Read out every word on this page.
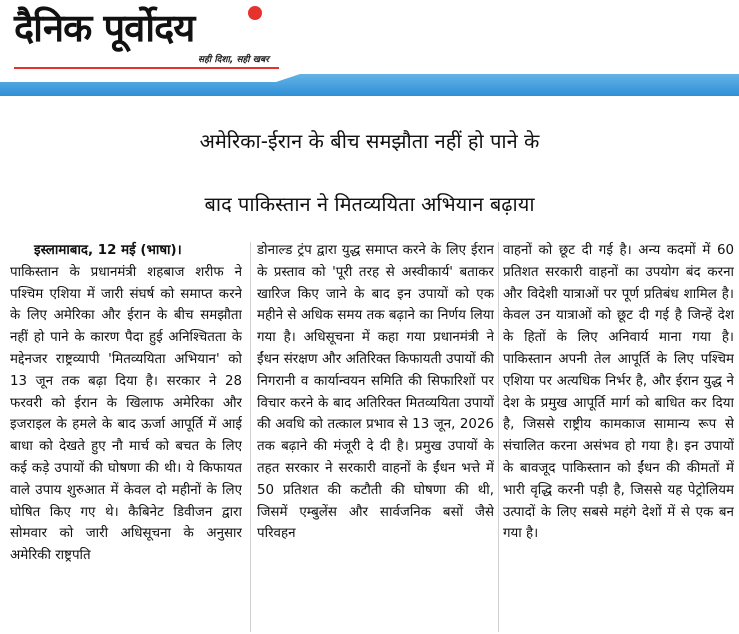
दैनिक पूर्वोदय
सही दिशा, सही खबर
अमेरिका-ईरान के बीच समझौता नहीं हो पाने के
बाद पाकिस्तान ने मितव्ययिता अभियान बढ़ाया

इस्लामाबाद, 12 मई (भाषा)।

पाकिस्तान के प्रधानमंत्री शहबाज शरीफ ने पश्चिम एशिया में जारी संघर्ष को समाप्त करने के लिए अमेरिका और ईरान के बीच समझौता नहीं हो पाने के कारण पैदा हुई अनिश्चितता के मद्देनजर राष्ट्रव्यापी 'मितव्ययिता अभियान' को 13 जून तक बढ़ा दिया है। सरकार ने 28 फरवरी को ईरान के खिलाफ अमेरिका और इजराइल के हमले के बाद ऊर्जा आपूर्ति में आई बाधा को देखते हुए नौ मार्च को बचत के लिए कई कड़े उपायों की घोषणा की थी। ये किफायत वाले उपाय शुरुआत में केवल दो महीनों के लिए घोषित किए गए थे। कैबिनेट डिवीजन द्वारा सोमवार को जारी अधिसूचना के अनुसार अमेरिकी राष्ट्रपति

डोनाल्ड ट्रंप द्वारा युद्ध समाप्त करने के लिए ईरान के प्रस्ताव को 'पूरी तरह से अस्वीकार्य' बताकर खारिज किए जाने के बाद इन उपायों को एक महीने से अधिक समय तक बढ़ाने का निर्णय लिया गया है। अधिसूचना में कहा गया प्रधानमंत्री ने ईंधन संरक्षण और अतिरिक्त किफायती उपायों की निगरानी व कार्यान्वयन समिति की सिफारिशों पर विचार करने के बाद अतिरिक्त मितव्ययिता उपायों की अवधि को तत्काल प्रभाव से 13 जून, 2026 तक बढ़ाने की मंजूरी दे दी है। प्रमुख उपायों के तहत सरकार ने सरकारी वाहनों के ईंधन भत्ते में 50 प्रतिशत की कटौती की घोषणा की थी, जिसमें एम्बुलेंस और सार्वजनिक बसों जैसे परिवहन

वाहनों को छूट दी गई है। अन्य कदमों में 60 प्रतिशत सरकारी वाहनों का उपयोग बंद करना और विदेशी यात्राओं पर पूर्ण प्रतिबंध शामिल है। केवल उन यात्राओं को छूट दी गई है जिन्हें देश के हितों के लिए अनिवार्य माना गया है। पाकिस्तान अपनी तेल आपूर्ति के लिए पश्चिम एशिया पर अत्यधिक निर्भर है, और ईरान युद्ध ने देश के प्रमुख आपूर्ति मार्ग को बाधित कर दिया है, जिससे राष्ट्रीय कामकाज सामान्य रूप से संचालित करना असंभव हो गया है। इन उपायों के बावजूद पाकिस्तान को ईंधन की कीमतों में भारी वृद्धि करनी पड़ी है, जिससे यह पेट्रोलियम उत्पादों के लिए सबसे महंगे देशों में से एक बन गया है।
